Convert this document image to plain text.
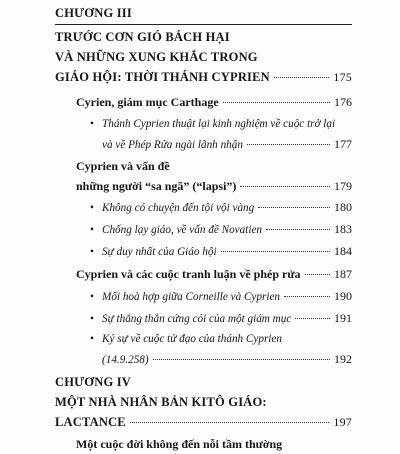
CHƯƠNG III
TRƯỚC CƠN GIÓ BÁCH HẠI
VÀ NHỮNG XUNG KHẮC TRONG
GIÁO HỘI: THỜI THÁNH CYPRIEN	175
Cyrien, giám mục Carthage	176
• Thánh Cyprien thuật lại kinh nghiệm về cuộc trở lại
và về Phép Rửa ngài lãnh nhận	177
Cyprien và vấn đề
những người “sa ngã” (“lapsi”)	179
• Không có chuyện đến tội vội vàng	180
• Chống lạy giáo, về vấn đề Novatien	183
• Sự duy nhất của Giáo hội	184
Cyprien và các cuộc tranh luận về phép rửa	187
• Mối hoà hợp giữa Corneille và Cyprien	190
• Sự thẳng thắn cứng cỏi của một giám mục	191
• Ký sự về cuộc tử đạo của thánh Cyprien
(14.9.258)	192
CHƯƠNG IV
MỘT NHÀ NHÂN BẢN KITÔ GIÁO:
LACTANCE	197
Một cuộc đời không đến nỗi tầm thường
